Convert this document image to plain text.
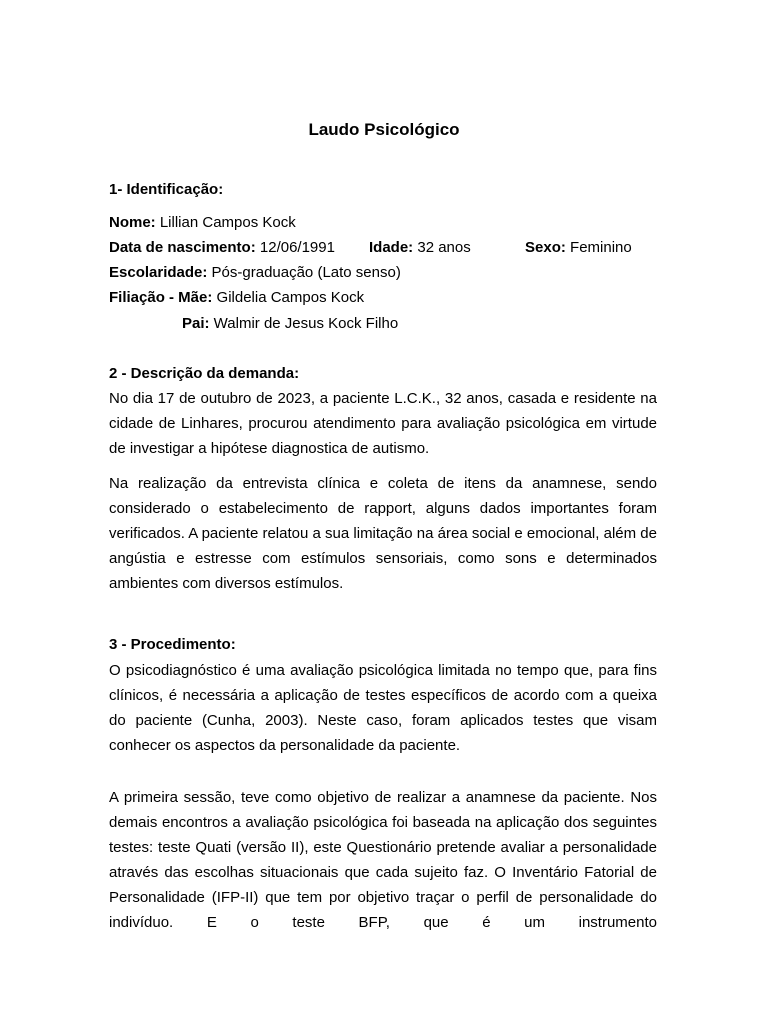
Laudo Psicológico
1- Identificação:
Nome: Lillian Campos Kock
Data de nascimento: 12/06/1991 Idade: 32 anos	Sexo: Feminino
Escolaridade: Pós-graduação (Lato senso)
Filiação - Mãe: Gildelia Campos Kock
Pai: Walmir de Jesus Kock Filho
2 - Descrição da demanda:

No dia 17 de outubro de 2023, a paciente L.C.K., 32 anos, casada e residente na cidade de Linhares, procurou atendimento para avaliação psicológica em virtude de investigar a hipótese diagnostica de autismo.

Na realização da entrevista clínica e coleta de itens da anamnese, sendo considerado o estabelecimento de rapport, alguns dados importantes foram verificados. A paciente relatou a sua limitação na área social e emocional, além de angústia e estresse com estímulos sensoriais, como sons e determinados ambientes com diversos estímulos.

3 - Procedimento:

O psicodiagnóstico é uma avaliação psicológica limitada no tempo que, para fins clínicos, é necessária a aplicação de testes específicos de acordo com a queixa do paciente (Cunha, 2003). Neste caso, foram aplicados testes que visam conhecer os aspectos da personalidade da paciente.

A primeira sessão, teve como objetivo de realizar a anamnese da paciente. Nos demais encontros a avaliação psicológica foi baseada na aplicação dos seguintes testes: teste Quati (versão II), este Questionário pretende avaliar a personalidade através das escolhas situacionais que cada sujeito faz. O Inventário Fatorial de Personalidade (IFP-II) que tem por objetivo traçar o perfil de personalidade do indivíduo. E o teste BFP, que é um instrumento
